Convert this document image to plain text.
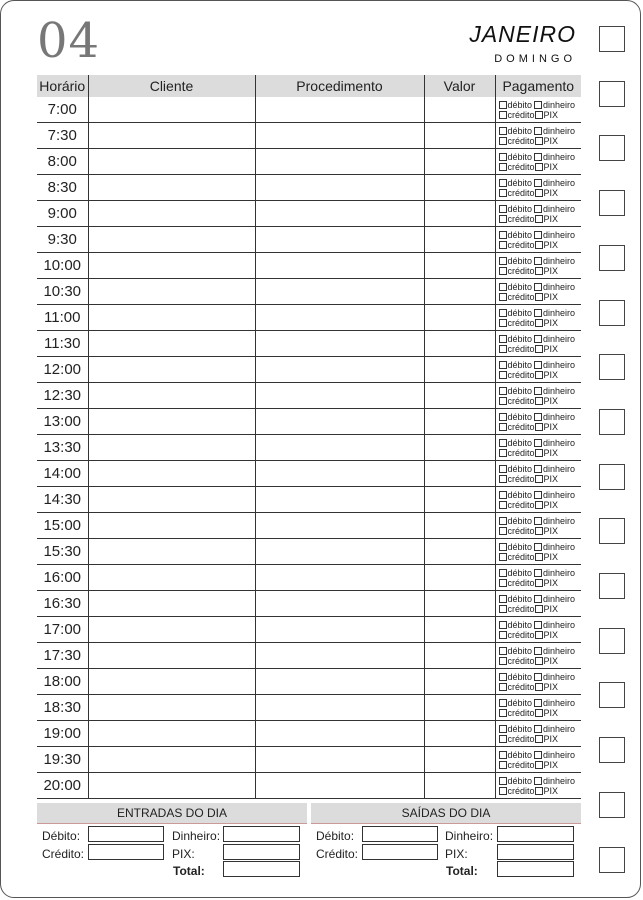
04	JANEIRO
DOMINGO
Horário	Cliente	Procedimento	Valor	Pagamento
7:00				débito dinheiro
crédito PIX

7:30				débito dinheiro
crédito PIX

8:00				débito dinheiro
crédito PIX

8:30				débito dinheiro
crédito PIX

9:00				débito dinheiro
crédito PIX

9:30				débito dinheiro
crédito PIX

10:00				débito dinheiro
crédito PIX

10:30				débito dinheiro
crédito PIX

11:00				débito dinheiro
crédito PIX

11:30				débito dinheiro
crédito PIX

12:00				débito dinheiro
crédito PIX

12:30				débito dinheiro
crédito PIX

13:00				débito dinheiro
crédito PIX

13:30				débito dinheiro
crédito PIX

14:00				débito dinheiro
crédito PIX

14:30				débito dinheiro
crédito PIX

15:00				débito dinheiro
crédito PIX

15:30				débito dinheiro
crédito PIX

16:00				débito dinheiro
crédito PIX

16:30				débito dinheiro
crédito PIX

17:00				débito dinheiro
crédito PIX

17:30				débito dinheiro
crédito PIX

18:00				débito dinheiro
crédito PIX

18:30				débito dinheiro
crédito PIX

19:00				débito dinheiro
crédito PIX

19:30				débito dinheiro
crédito PIX

20:00				débito dinheiro
crédito PIX
ENTRADAS DO DIA	SAÍDAS DO DIA
Débito:
Crédito:
Dinheiro:
PIX:
Total:
Débito:
Crédito:
Dinheiro:
PIX:
Total:
